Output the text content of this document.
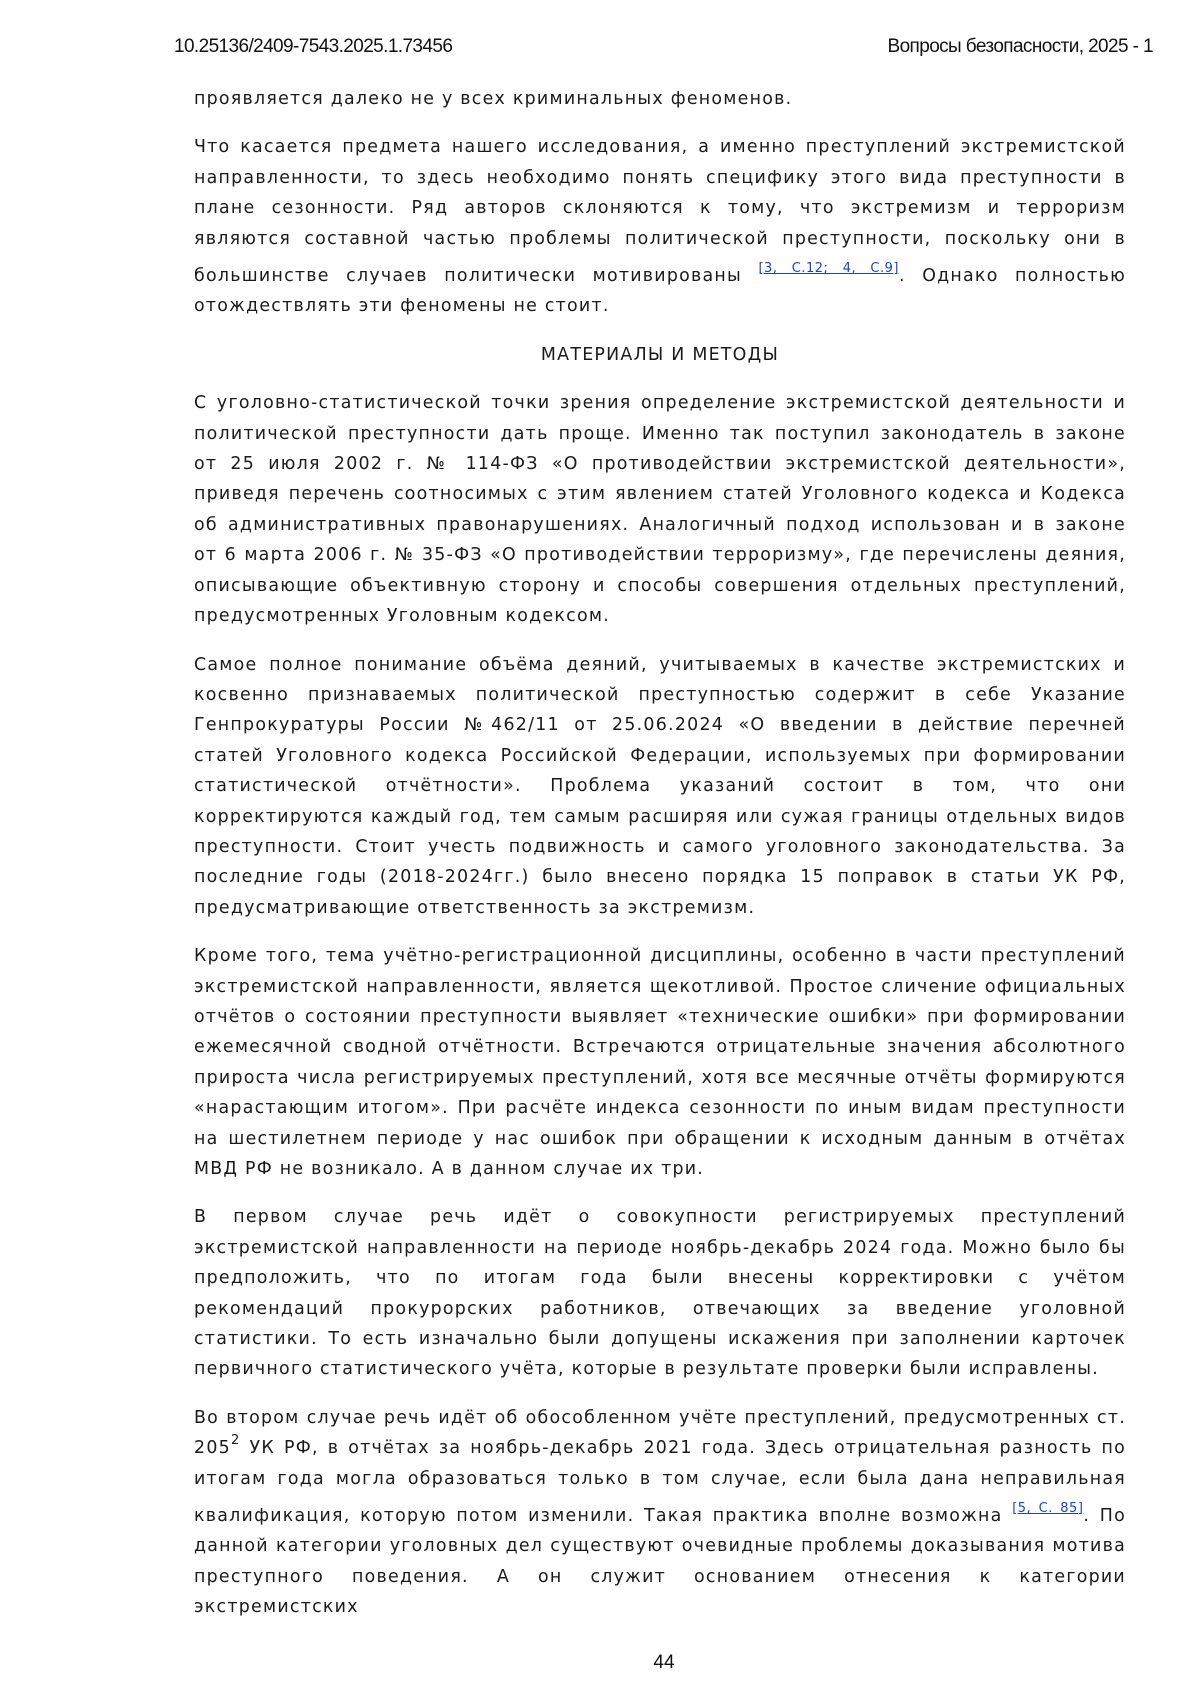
10.25136/2409-7543.2025.1.73456	Вопросы безопасности, 2025 - 1

проявляется далеко не у всех криминальных феноменов.

Что касается предмета нашего исследования, а именно преступлений экстремистской направленности, то здесь необходимо понять специфику этого вида преступности в плане сезонности. Ряд авторов склоняются к тому, что экстремизм и терроризм являются составной частью проблемы политической преступности, поскольку они в большинстве случаев политически мотивированы [3, С.12; 4, С.9]. Однако полностью отождествлять эти феномены не стоит.

МАТЕРИАЛЫ И МЕТОДЫ

С уголовно-статистической точки зрения определение экстремистской деятельности и политической преступности дать проще. Именно так поступил законодатель в законе от 25 июля 2002 г. № 114-ФЗ «О противодействии экстремистской деятельности», приведя перечень соотносимых с этим явлением статей Уголовного кодекса и Кодекса об административных правонарушениях. Аналогичный подход использован и в законе от 6 марта 2006 г. № 35-ФЗ «О противодействии терроризму», где перечислены деяния, описывающие объективную сторону и способы совершения отдельных преступлений, предусмотренных Уголовным кодексом.

Самое полное понимание объёма деяний, учитываемых в качестве экстремистских и косвенно признаваемых политической преступностью содержит в себе Указание Генпрокуратуры России №462/11 от 25.06.2024 «О введении в действие перечней статей Уголовного кодекса Российской Федерации, используемых при формировании статистической отчётности». Проблема указаний состоит в том, что они корректируются каждый год, тем самым расширяя или сужая границы отдельных видов преступности. Стоит учесть подвижность и самого уголовного законодательства. За последние годы (2018-2024гг.) было внесено порядка 15 поправок в статьи УК РФ, предусматривающие ответственность за экстремизм.

Кроме того, тема учётно-регистрационной дисциплины, особенно в части преступлений экстремистской направленности, является щекотливой. Простое сличение официальных отчётов о состоянии преступности выявляет «технические ошибки» при формировании ежемесячной сводной отчётности. Встречаются отрицательные значения абсолютного прироста числа регистрируемых преступлений, хотя все месячные отчёты формируются «нарастающим итогом». При расчёте индекса сезонности по иным видам преступности на шестилетнем периоде у нас ошибок при обращении к исходным данным в отчётах МВД РФ не возникало. А в данном случае их три.

В первом случае речь идёт о совокупности регистрируемых преступлений экстремистской направленности на периоде ноябрь-декабрь 2024 года. Можно было бы предположить, что по итогам года были внесены корректировки с учётом рекомендаций прокурорских работников, отвечающих за введение уголовной статистики. То есть изначально были допущены искажения при заполнении карточек первичного статистического учёта, которые в результате проверки были исправлены.

Во втором случае речь идёт об обособленном учёте преступлений, предусмотренных ст. $205^2$ УК РФ, в отчётах за ноябрь-декабрь 2021 года. Здесь отрицательная разность по итогам года могла образоваться только в том случае, если была дана неправильная квалификация, которую потом изменили. Такая практика вполне возможна [5, С. 85]. По данной категории уголовных дел существуют очевидные проблемы доказывания мотива преступного поведения. А он служит основанием отнесения к категории экстремистских

44
